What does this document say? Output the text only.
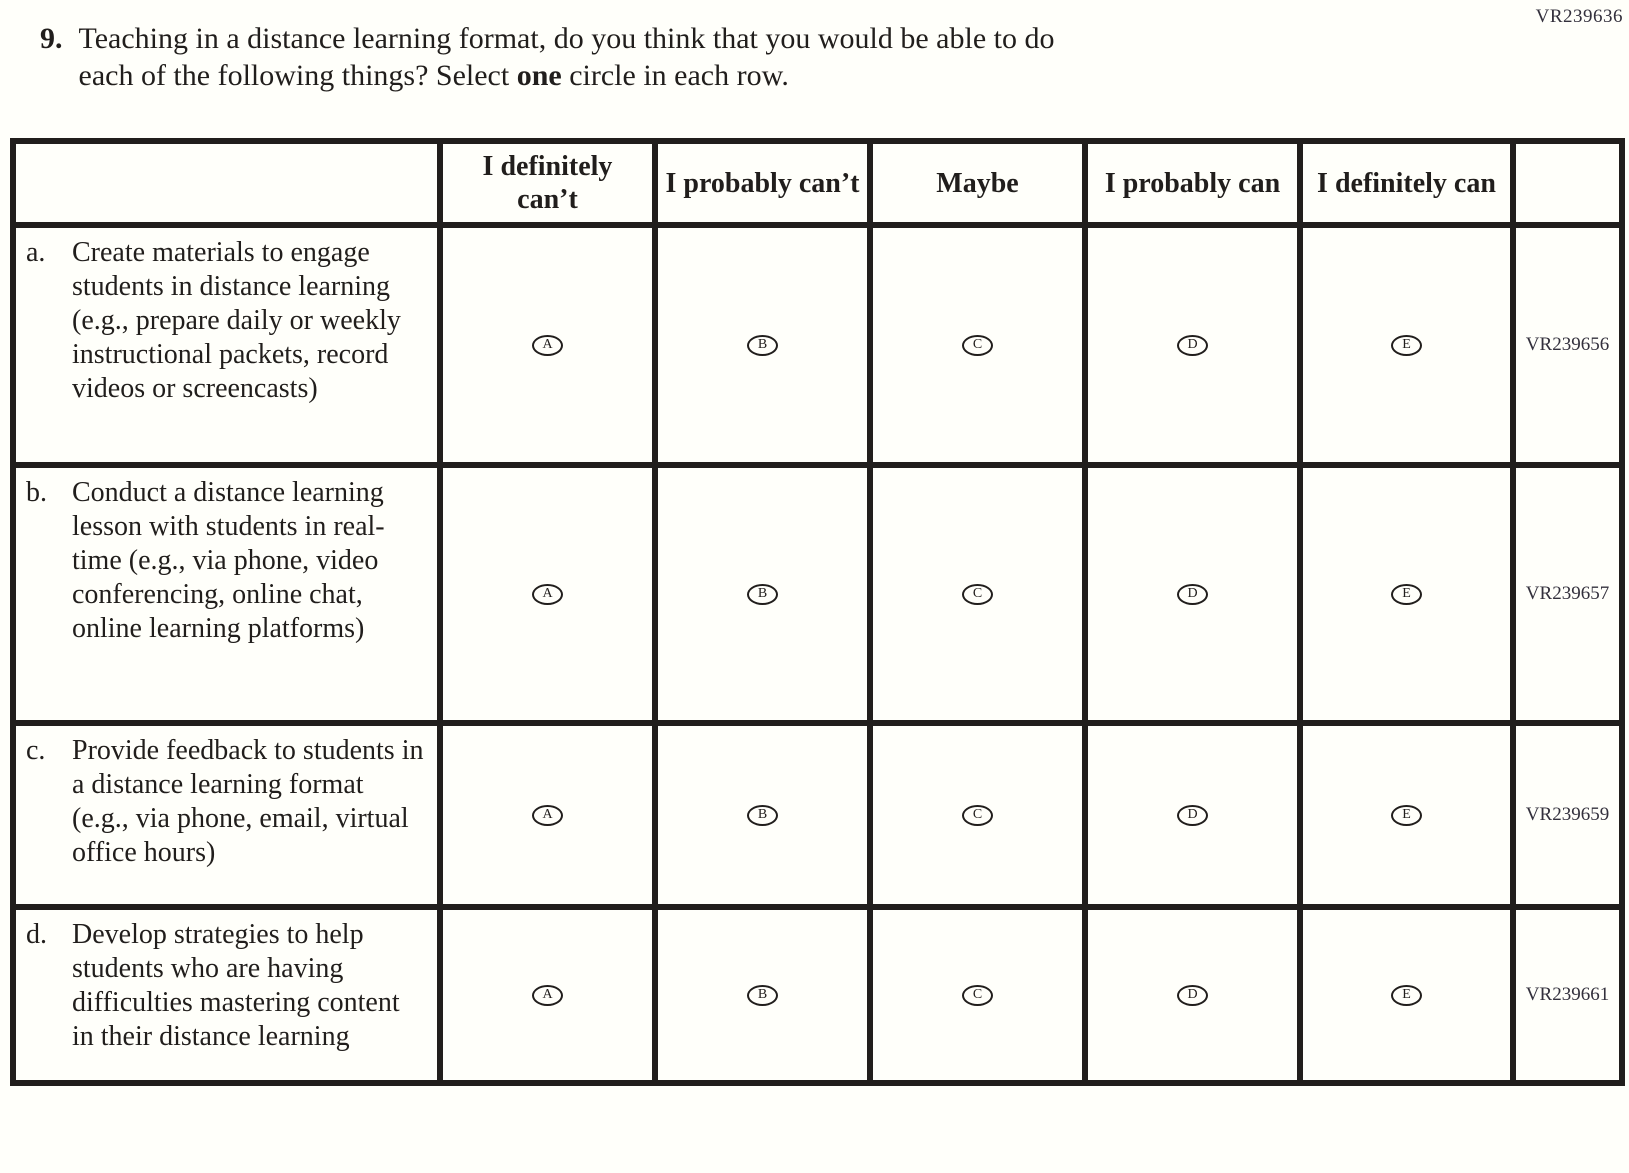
VR239636
9. Teaching in a distance learning format, do you think that you would be able to do
each of the following things? Select one circle in each row.
	I definitely can’t	I probably can’t	Maybe	I probably can	I definitely can	

a. Create materials to engage students in distance learning (e.g., prepare daily or weekly instructional packets, record videos or screencasts)	A	B	C	D	E	VR239656

b. Conduct a distance learning lesson with students in real-time (e.g., via phone, video conferencing, online chat, online learning platforms)	A	B	C	D	E	VR239657

c. Provide feedback to students in a distance learning format (e.g., via phone, email, virtual office hours)	A	B	C	D	E	VR239659

d. Develop strategies to help students who are having difficulties mastering content in their distance learning	A	B	C	D	E	VR239661
